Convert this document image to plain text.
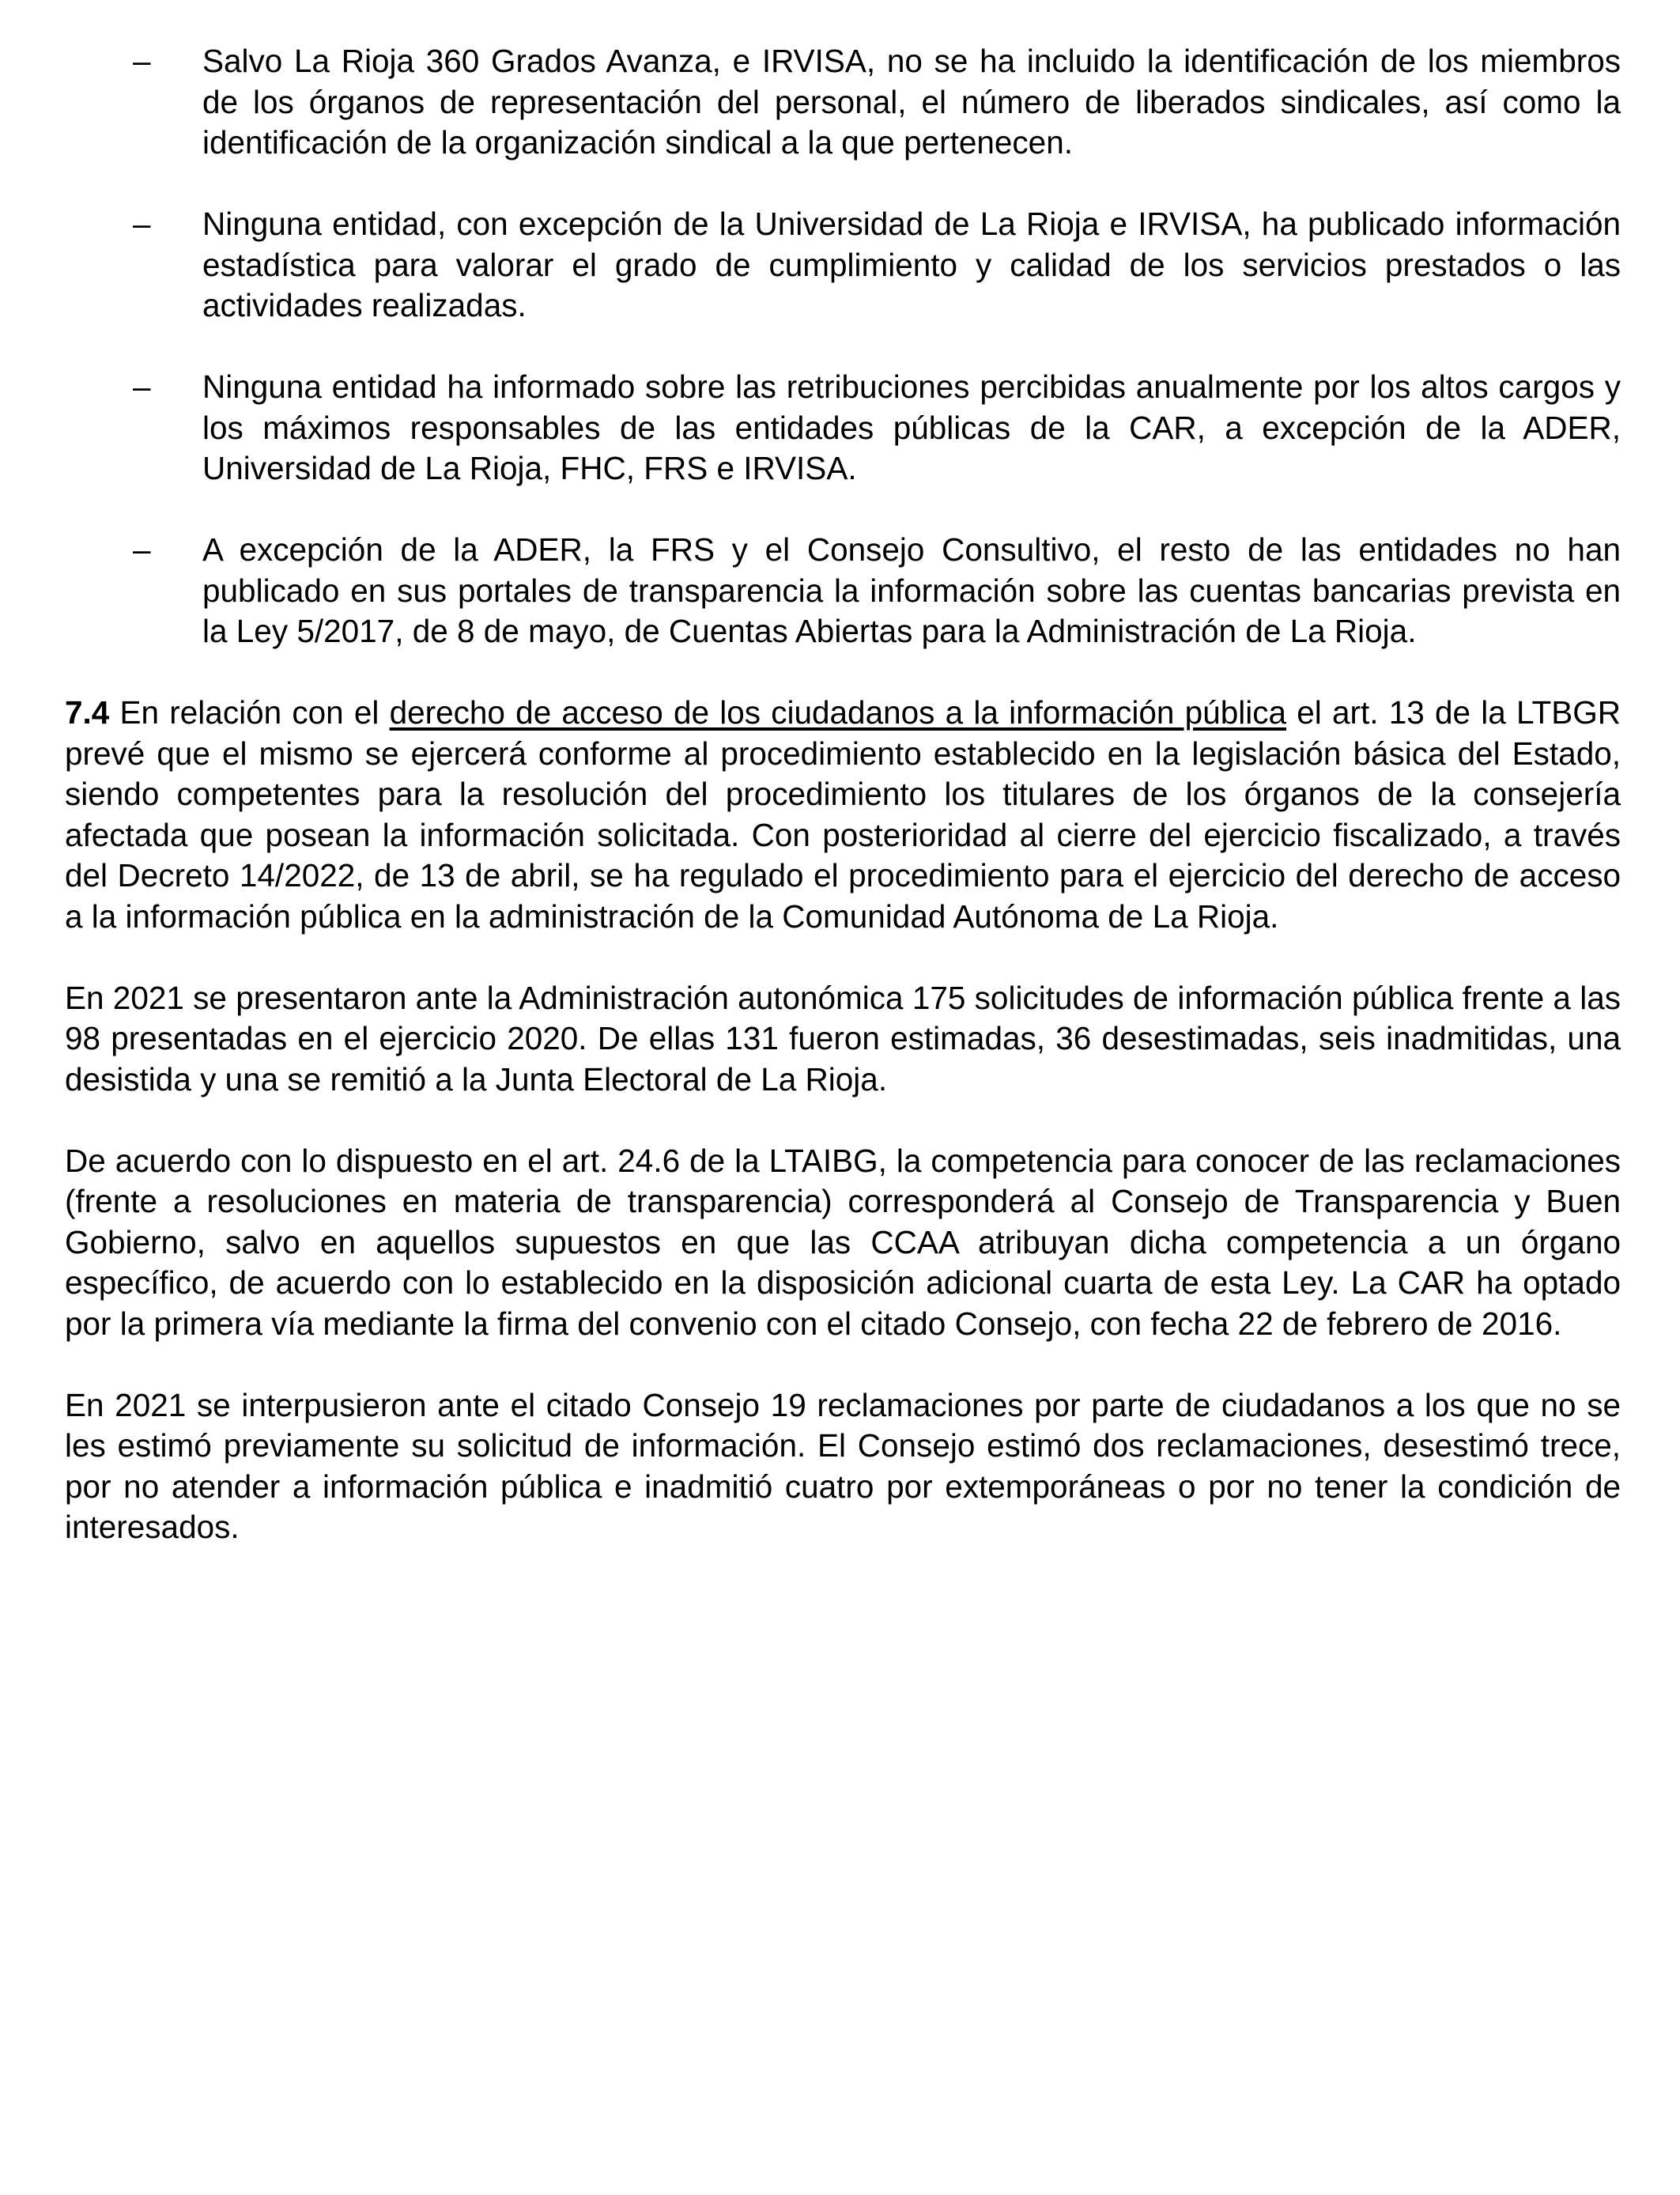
–	Salvo La Rioja 360 Grados Avanza, e IRVISA, no se ha incluido la identificación de los miembros de los órganos de representación del personal, el número de liberados sindicales, así como la identificación de la organización sindical a la que pertenecen.
–	Ninguna entidad, con excepción de la Universidad de La Rioja e IRVISA, ha publicado información estadística para valorar el grado de cumplimiento y calidad de los servicios prestados o las actividades realizadas.
–	Ninguna entidad ha informado sobre las retribuciones percibidas anualmente por los altos cargos y los máximos responsables de las entidades públicas de la CAR, a excepción de la ADER, Universidad de La Rioja, FHC, FRS e IRVISA.
–	A excepción de la ADER, la FRS y el Consejo Consultivo, el resto de las entidades no han publicado en sus portales de transparencia la información sobre las cuentas bancarias prevista en la Ley 5/2017, de 8 de mayo, de Cuentas Abiertas para la Administración de La Rioja.

7.4 En relación con el derecho de acceso de los ciudadanos a la información pública el art. 13 de la LTBGR prevé que el mismo se ejercerá conforme al procedimiento establecido en la legislación básica del Estado, siendo competentes para la resolución del procedimiento los titulares de los órganos de la consejería afectada que posean la información solicitada. Con posterioridad al cierre del ejercicio fiscalizado, a través del Decreto 14/2022, de 13 de abril, se ha regulado el procedimiento para el ejercicio del derecho de acceso a la información pública en la administración de la Comunidad Autónoma de La Rioja.

En 2021 se presentaron ante la Administración autonómica 175 solicitudes de información pública frente a las 98 presentadas en el ejercicio 2020. De ellas 131 fueron estimadas, 36 desestimadas, seis inadmitidas, una desistida y una se remitió a la Junta Electoral de La Rioja.

De acuerdo con lo dispuesto en el art. 24.6 de la LTAIBG, la competencia para conocer de las reclamaciones (frente a resoluciones en materia de transparencia) corresponderá al Consejo de Transparencia y Buen Gobierno, salvo en aquellos supuestos en que las CCAA atribuyan dicha competencia a un órgano específico, de acuerdo con lo establecido en la disposición adicional cuarta de esta Ley. La CAR ha optado por la primera vía mediante la firma del convenio con el citado Consejo, con fecha 22 de febrero de 2016.

En 2021 se interpusieron ante el citado Consejo 19 reclamaciones por parte de ciudadanos a los que no se les estimó previamente su solicitud de información. El Consejo estimó dos reclamaciones, desestimó trece, por no atender a información pública e inadmitió cuatro por extemporáneas o por no tener la condición de interesados.
